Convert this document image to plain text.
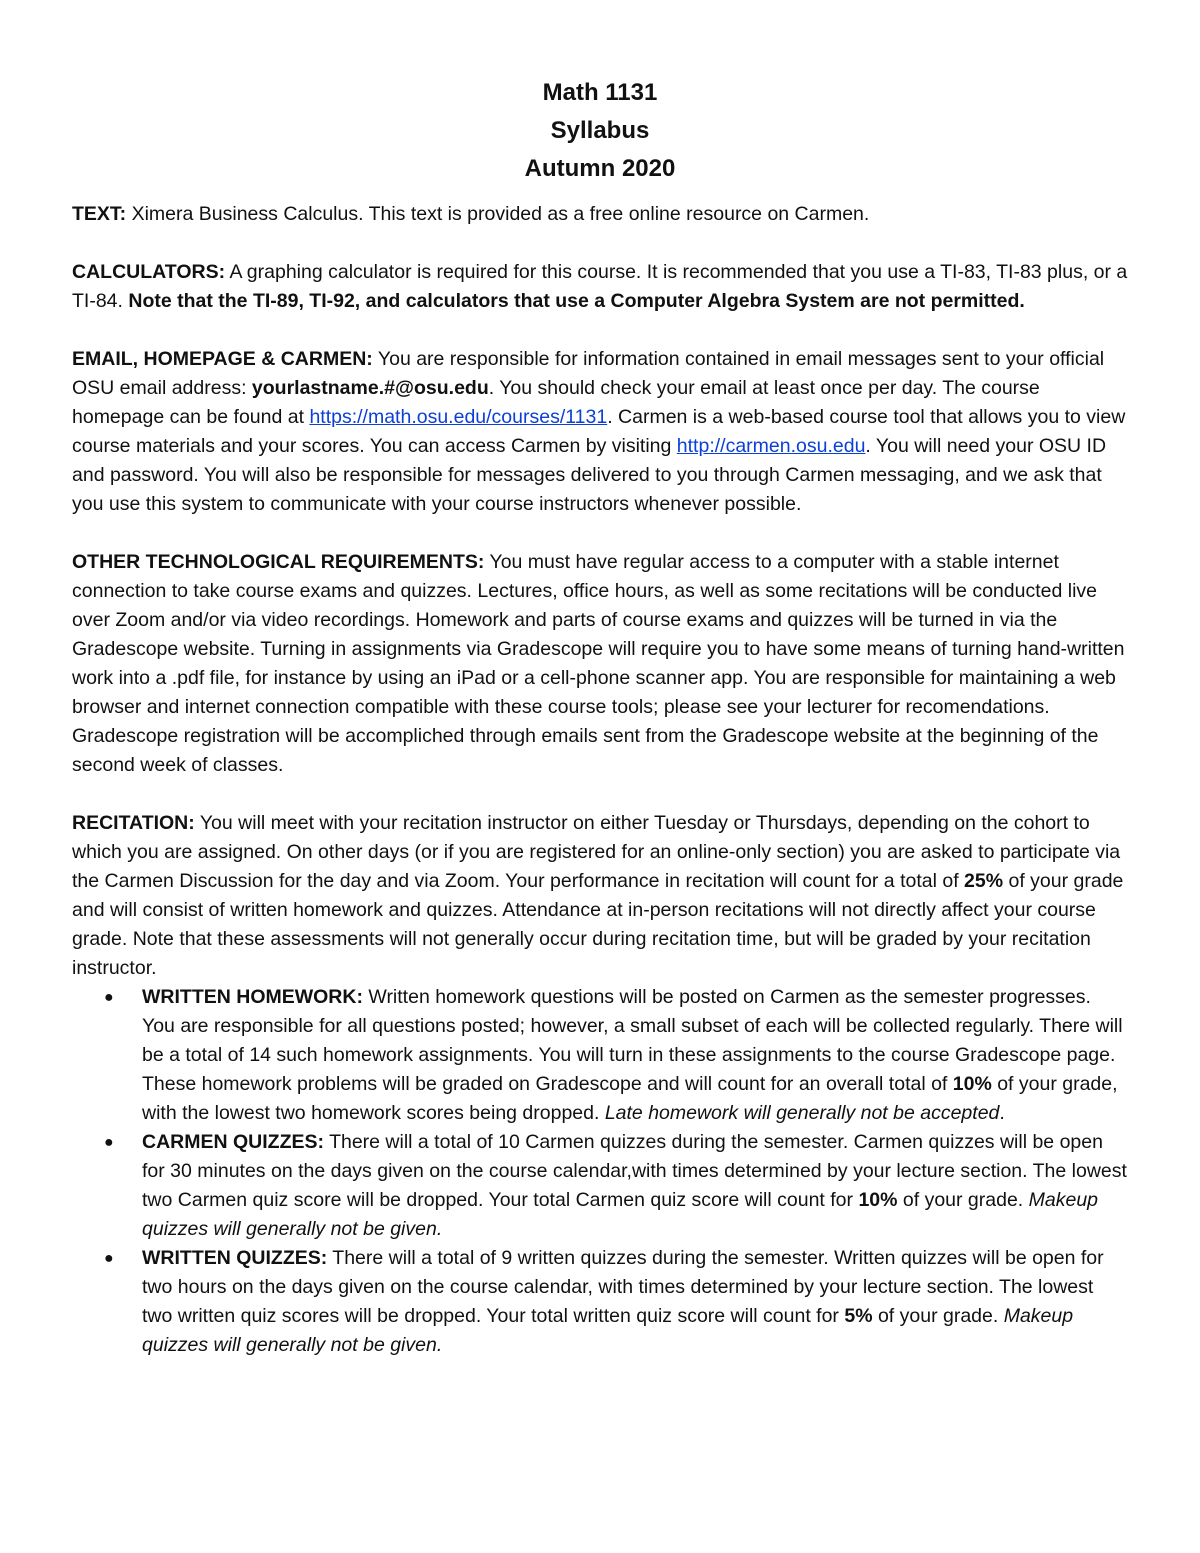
Math 1131
Syllabus
Autumn 2020

TEXT: Ximera Business Calculus. This text is provided as a free online resource on Carmen.

CALCULATORS: A graphing calculator is required for this course. It is recommended that you use a TI-83, TI-83 plus, or a TI-84. Note that the TI-89, TI-92, and calculators that use a Computer Algebra System are not permitted.

EMAIL, HOMEPAGE & CARMEN: You are responsible for information contained in email messages sent to your official OSU email address: yourlastname.#@osu.edu. You should check your email at least once per day. The course homepage can be found at https://math.osu.edu/courses/1131. Carmen is a web-based course tool that allows you to view course materials and your scores. You can access Carmen by visiting http://carmen.osu.edu. You will need your OSU ID and password. You will also be responsible for messages delivered to you through Carmen messaging, and we ask that you use this system to communicate with your course instructors whenever possible.

OTHER TECHNOLOGICAL REQUIREMENTS: You must have regular access to a computer with a stable internet connection to take course exams and quizzes. Lectures, office hours, as well as some recitations will be conducted live over Zoom and/or via video recordings. Homework and parts of course exams and quizzes will be turned in via the Gradescope website. Turning in assignments via Gradescope will require you to have some means of turning hand-written work into a .pdf file, for instance by using an iPad or a cell-phone scanner app. You are responsible for maintaining a web browser and internet connection compatible with these course tools; please see your lecturer for recomendations. Gradescope registration will be accompliched through emails sent from the Gradescope website at the beginning of the second week of classes.

RECITATION: You will meet with your recitation instructor on either Tuesday or Thursdays, depending on the cohort to which you are assigned. On other days (or if you are registered for an online-only section) you are asked to participate via the Carmen Discussion for the day and via Zoom. Your performance in recitation will count for a total of 25% of your grade and will consist of written homework and quizzes. Attendance at in-person recitations will not directly affect your course grade. Note that these assessments will not generally occur during recitation time, but will be graded by your recitation instructor.

● WRITTEN HOMEWORK: Written homework questions will be posted on Carmen as the semester progresses. You are responsible for all questions posted; however, a small subset of each will be collected regularly. There will be a total of 14 such homework assignments. You will turn in these assignments to the course Gradescope page. These homework problems will be graded on Gradescope and will count for an overall total of 10% of your grade, with the lowest two homework scores being dropped. Late homework will generally not be accepted.
● CARMEN QUIZZES: There will a total of 10 Carmen quizzes during the semester. Carmen quizzes will be open for 30 minutes on the days given on the course calendar,with times determined by your lecture section. The lowest two Carmen quiz score will be dropped. Your total Carmen quiz score will count for 10% of your grade. Makeup quizzes will generally not be given.
● WRITTEN QUIZZES: There will a total of 9 written quizzes during the semester. Written quizzes will be open for two hours on the days given on the course calendar, with times determined by your lecture section. The lowest two written quiz scores will be dropped. Your total written quiz score will count for 5% of your grade. Makeup quizzes will generally not be given.
